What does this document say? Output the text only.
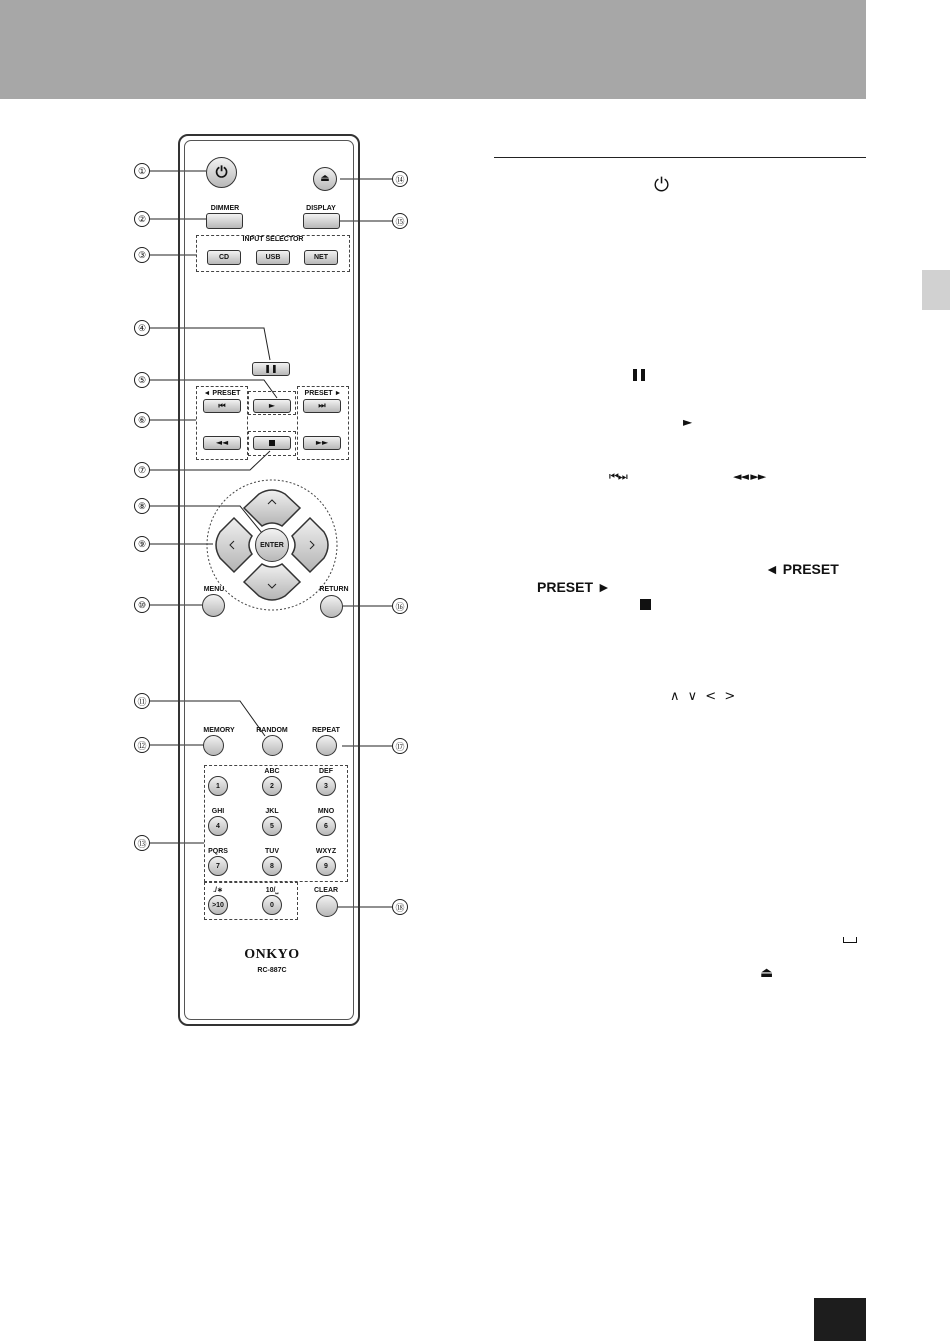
⏻
►
⏮⏭	◄◄ ►►
◄ PRESET
PRESET ►
∧ ∨ < >
⏏
①
②
③
④
⑤
⑥
⑦
⑧
⑨
⑩
⑪
⑫
⑬
⑭
⑮
⑯
⑰
⑱
⏻	⏏
DIMMER	DISPLAY
INPUT SELECTOR
CD	USB	NET
❚❚
◄ PRESET	PRESET ►
⏮	►	⏭
◄◄	►►
ENTER
MENU	RETURN
MEMORY	RANDOM	REPEAT
ABC	DEF
1	2	3
GHI	JKL	MNO
4	5	6
PQRS	TUV	WXYZ
7	8	9
./∗	10/⎵	CLEAR
>10	0
ONKYO
RC-887C
